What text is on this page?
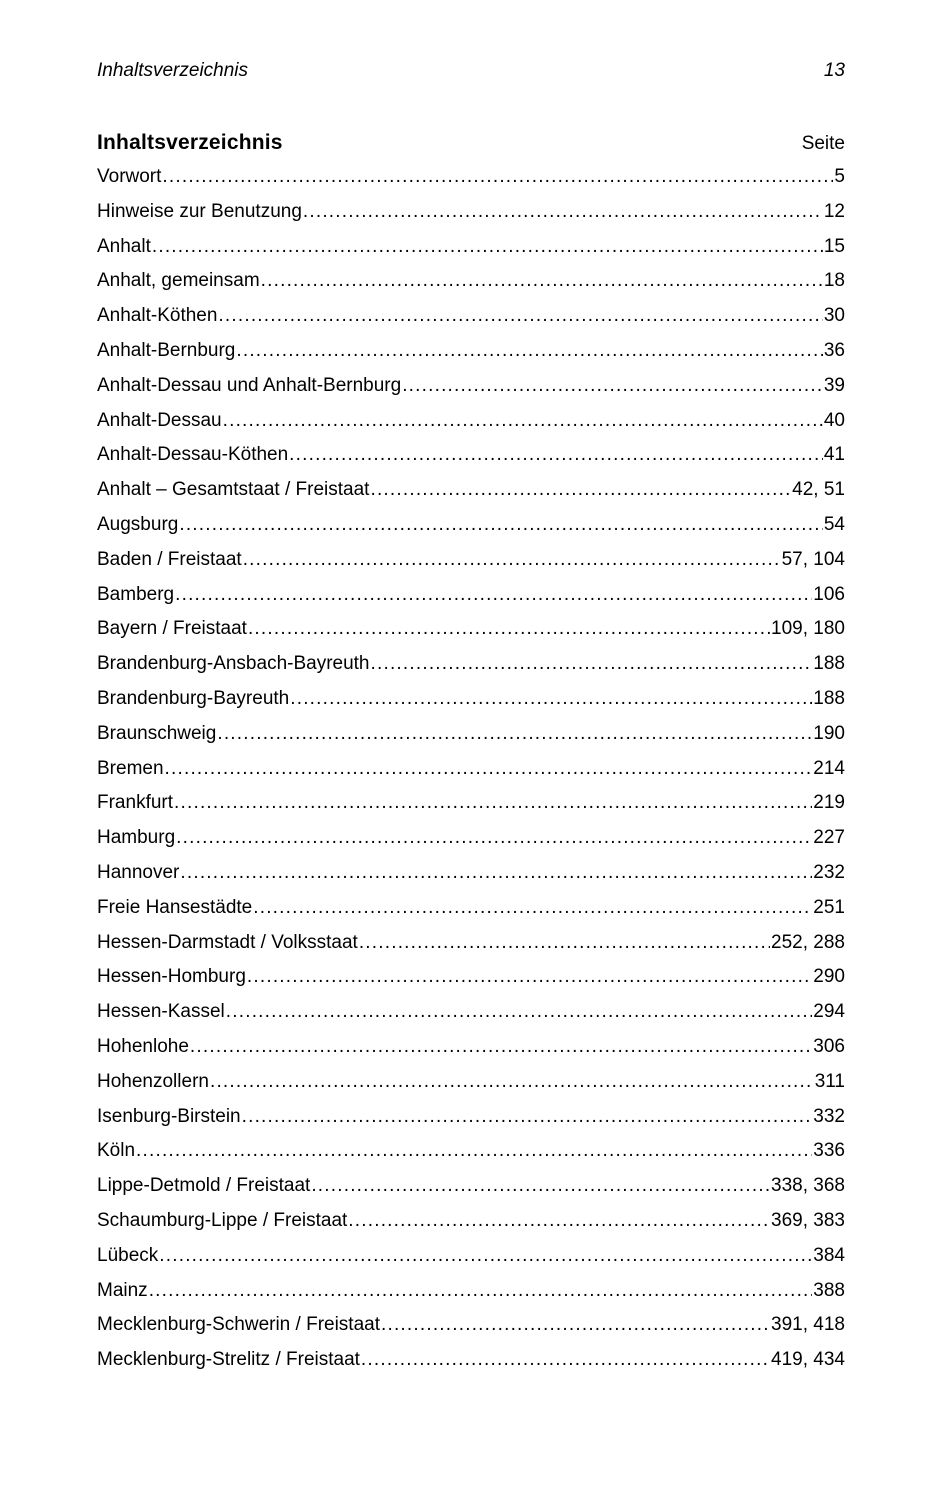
Inhaltsverzeichnis	13
Inhaltsverzeichnis	Seite
Vorwort .....	5
Hinweise zur Benutzung .....	12
Anhalt .....	15
Anhalt, gemeinsam .....	18
Anhalt-Köthen .....	30
Anhalt-Bernburg .....	36
Anhalt-Dessau und Anhalt-Bernburg .....	39
Anhalt-Dessau .....	40
Anhalt-Dessau-Köthen .....	41
Anhalt – Gesamtstaat / Freistaat .....	42, 51
Augsburg .....	54
Baden / Freistaat .....	57, 104
Bamberg .....	106
Bayern / Freistaat .....	109, 180
Brandenburg-Ansbach-Bayreuth .....	188
Brandenburg-Bayreuth .....	188
Braunschweig .....	190
Bremen .....	214
Frankfurt .....	219
Hamburg .....	227
Hannover .....	232
Freie Hansestädte .....	251
Hessen-Darmstadt / Volksstaat .....	252, 288
Hessen-Homburg .....	290
Hessen-Kassel .....	294
Hohenlohe .....	306
Hohenzollern .....	311
Isenburg-Birstein .....	332
Köln .....	336
Lippe-Detmold / Freistaat .....	338, 368
Schaumburg-Lippe / Freistaat .....	369, 383
Lübeck .....	384
Mainz .....	388
Mecklenburg-Schwerin / Freistaat .....	391, 418
Mecklenburg-Strelitz / Freistaat .....	419, 434
